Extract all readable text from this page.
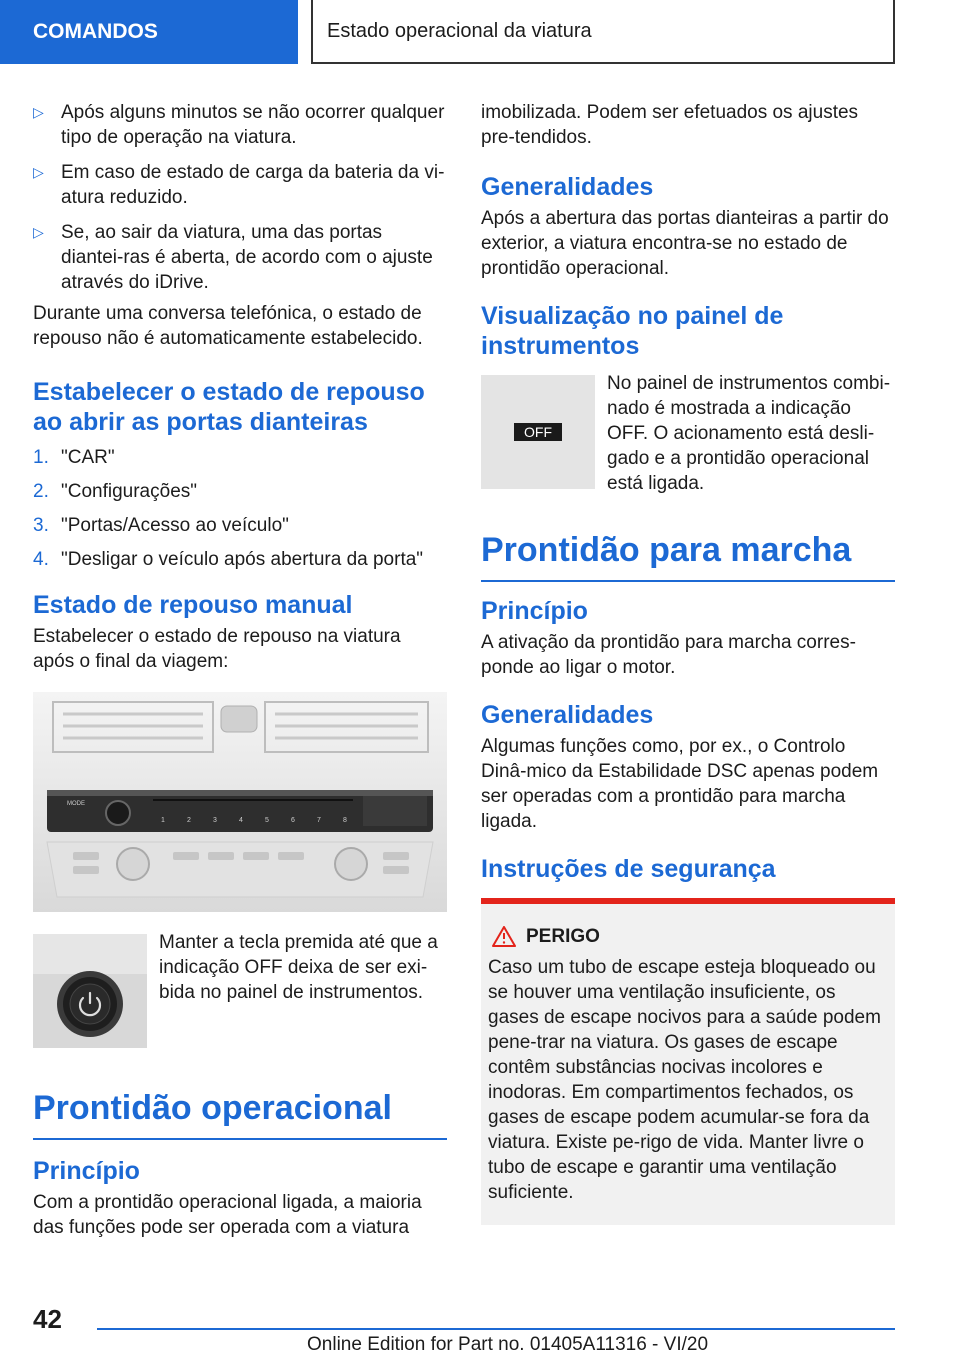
COMANDOS	Estado operacional da viatura
▷ Após alguns minutos se não ocorrer qualquer tipo de operação na viatura.
▷ Em caso de estado de carga da bateria da vi-atura reduzido.
▷ Se, ao sair da viatura, uma das portas diantei-ras é aberta, de acordo com o ajuste através do iDrive.

Durante uma conversa telefónica, o estado de repouso não é automaticamente estabelecido.

Estabelecer o estado de repouso ao abrir as portas dianteiras
1. "CAR"
2. "Configurações"
3. "Portas/Acesso ao veículo"
4. "Desligar o veículo após abertura da porta"
Estado de repouso manual

Estabelecer o estado de repouso na viatura após o final da viagem:

MODE
1	2	3	4	5	6	7	8

Manter a tecla premida até que a indicação OFF deixa de ser exi-bida no painel de instrumentos.

Prontidão operacional
Princípio

Com a prontidão operacional ligada, a maioria das funções pode ser operada com a viatura

imobilizada. Podem ser efetuados os ajustes pre-tendidos.

Generalidades

Após a abertura das portas dianteiras a partir do exterior, a viatura encontra-se no estado de prontidão operacional.

Visualização no painel de instrumentos
OFF

No painel de instrumentos combi-nado é mostrada a indicação OFF. O acionamento está desli-gado e a prontidão operacional está ligada.

Prontidão para marcha
Princípio

A ativação da prontidão para marcha corres-ponde ao ligar o motor.

Generalidades

Algumas funções como, por ex., o Controlo Dinâ-mico da Estabilidade DSC apenas podem ser operadas com a prontidão para marcha ligada.

Instruções de segurança
PERIGO

Caso um tubo de escape esteja bloqueado ou se houver uma ventilação insuficiente, os gases de escape nocivos para a saúde podem pene-trar na viatura. Os gases de escape contêm substâncias nocivas incolores e inodoras. Em compartimentos fechados, os gases de escape podem acumular-se fora da viatura. Existe pe-rigo de vida. Manter livre o tubo de escape e garantir uma ventilação suficiente.

42
Online Edition for Part no. 01405A11316 - VI/20
